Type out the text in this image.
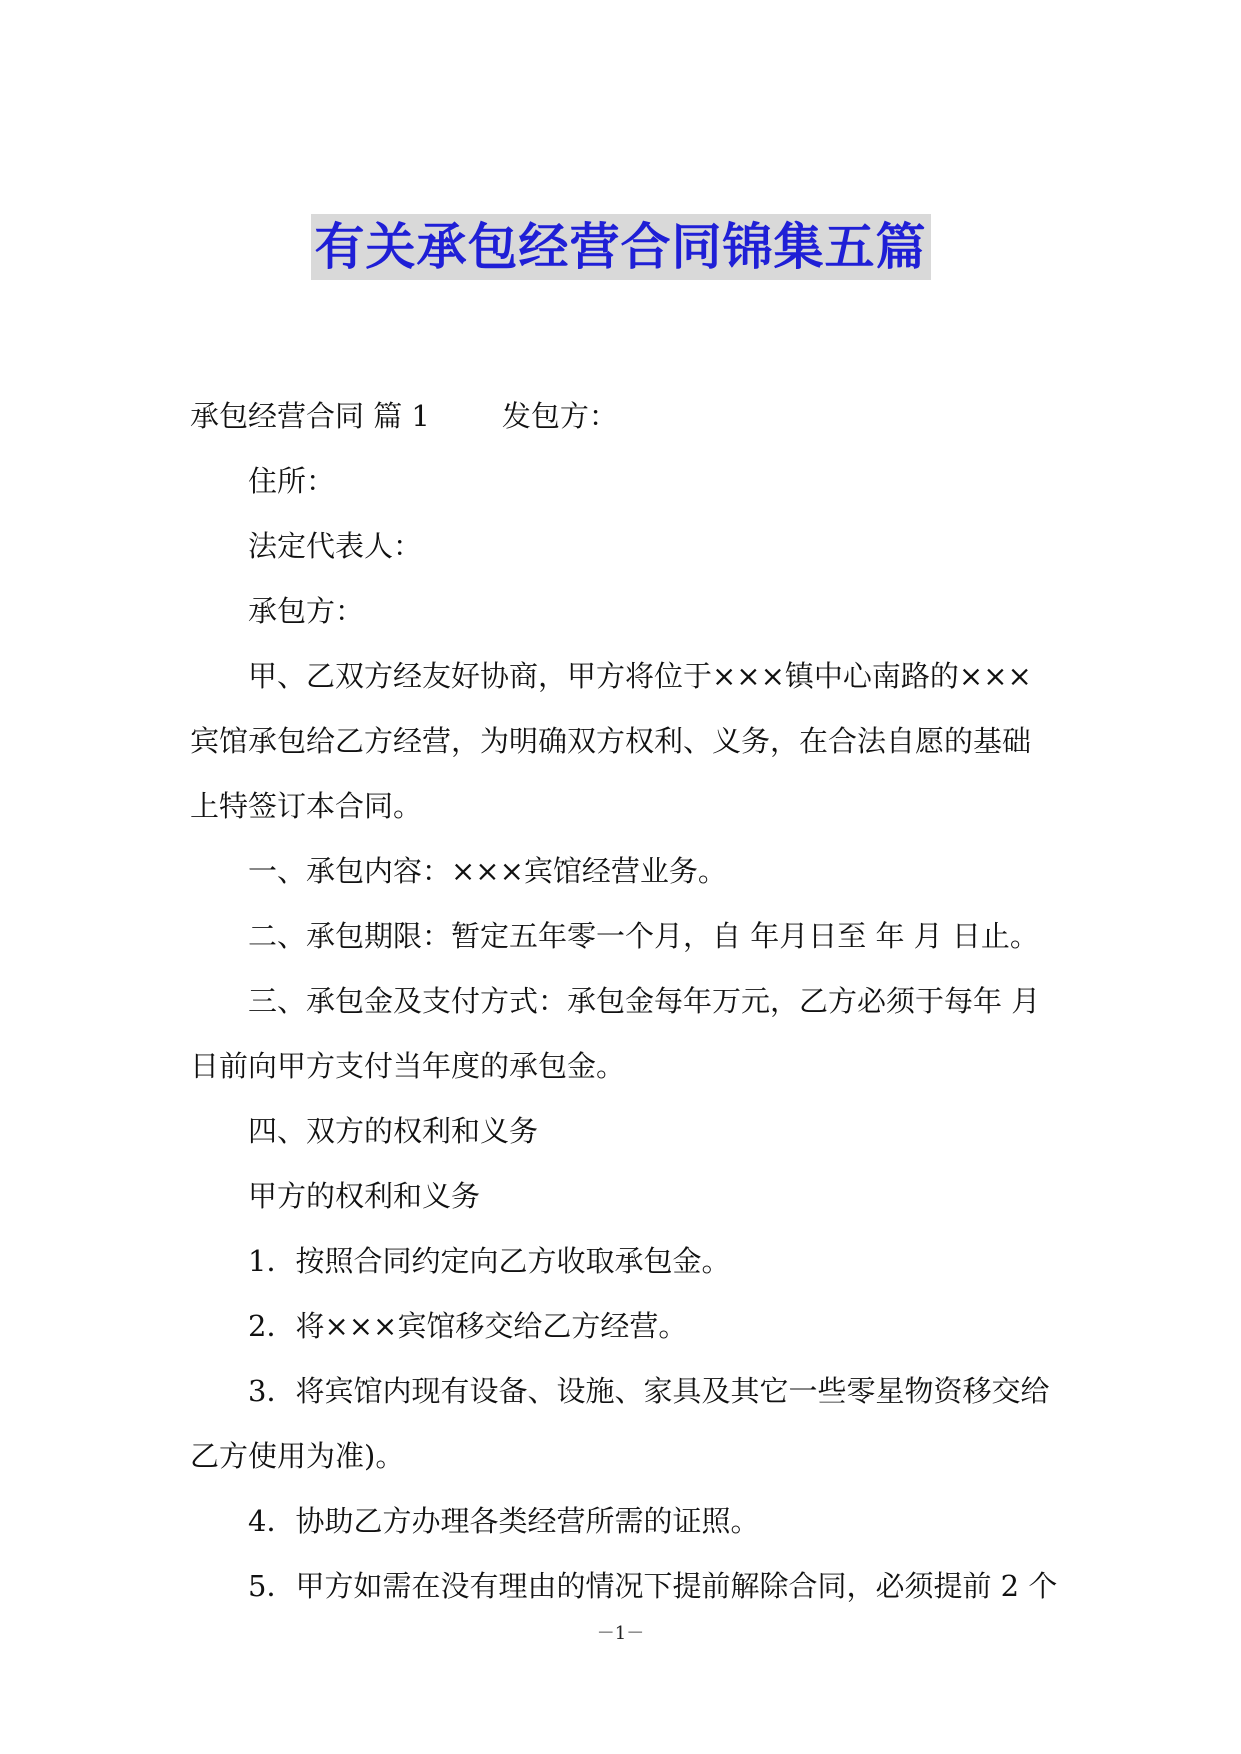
有关承包经营合同锦集五篇

承包经营合同 篇 1 发包方：

住所：

法定代表人：

承包方：

甲、乙双方经友好协商，甲方将位于×××镇中心南路的×××宾馆承包给乙方经营，为明确双方权利、义务，在合法自愿的基础上特签订本合同。

一、承包内容：×××宾馆经营业务。

二、承包期限：暂定五年零一个月，自 年月日至 年 月 日止。

三、承包金及支付方式：承包金每年万元，乙方必须于每年 月日前向甲方支付当年度的承包金。

四、双方的权利和义务

甲方的权利和义务

1．按照合同约定向乙方收取承包金。

2．将×××宾馆移交给乙方经营。

3．将宾馆内现有设备、设施、家具及其它一些零星物资移交给乙方使用为准)。

4．协助乙方办理各类经营所需的证照。

5．甲方如需在没有理由的情况下提前解除合同，必须提前 2 个

－1－
